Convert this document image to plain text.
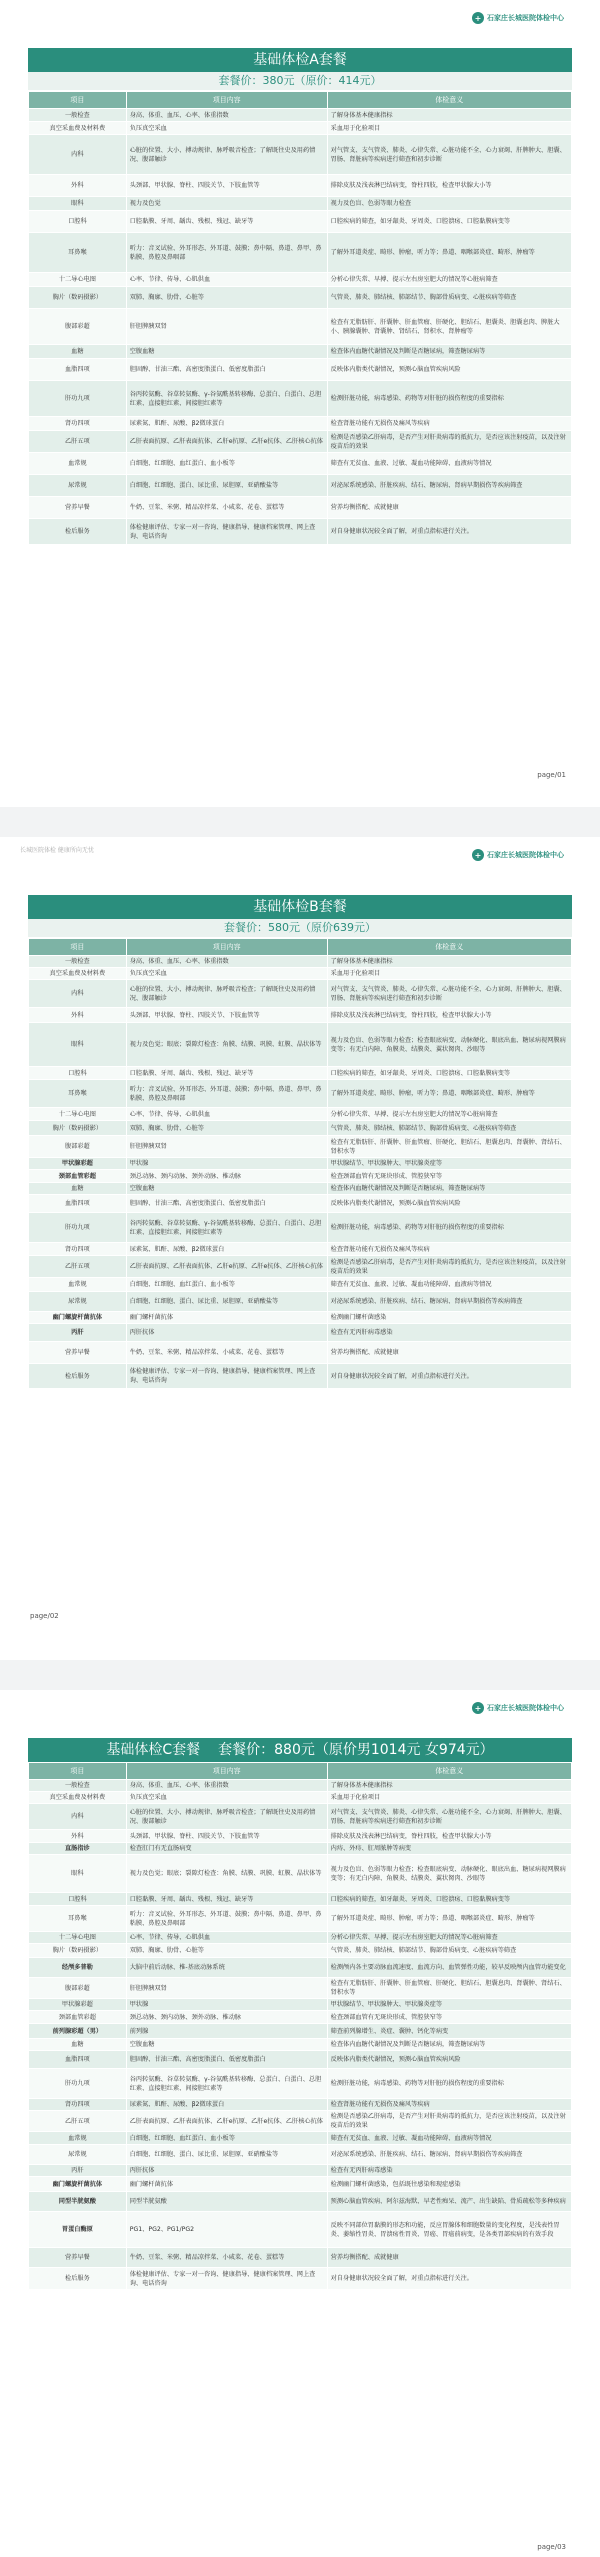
+ 石家庄长城医院体检中心
基础体检A套餐
套餐价：380元（原价：414元）
项目	项目内容	体检意义
一般检查	身高、体重、血压、心率、体重指数	了解身体基本健康指标
真空采血费及材料费	负压真空采血	采血用于化验项目
内科	心脏的位置、大小、搏动规律、脉呼吸音检查；了解既往史及用药情况、腹部触诊	对气管支、支气管炎、肺炎、心律失常、心脏功能不全、心力衰竭、肝脾肿大、胆囊、胃肠、肾脏病等疾病进行筛查和初步诊断
外科	头颈部、甲状腺、脊柱、四肢关节、下肢血管等	排除皮肤及浅表淋巴结病变，脊柱四肢，检查甲状腺大小等
眼科	视力及色觉	视力及色盲、色弱等眼力检查
口腔科	口腔黏膜、牙周、龋齿、残根、残冠、缺牙等	口腔疾病的筛查，如牙龈炎、牙周炎、口腔溃疡、口腔黏膜病变等
耳鼻喉	听力：音叉试验、外耳形态、外耳道、鼓膜；鼻中隔、鼻道、鼻甲、鼻粘膜、鼻腔及鼻咽部	了解外耳道炎症、畸形、肿瘤，听力等；鼻道、咽喉部炎症、畸形、肿瘤等
十二导心电图	心率、节律、传导、心肌供血	分析心律失常、早搏、提示左右房室肥大的情况等心脏病筛查
胸片（数码摄影）	双肺、胸廓、肋骨、心脏等	气管炎、肺炎、肺结核、肺部结节、胸部骨质病变、心脏疾病等筛查
腹部彩超	肝胆脾胰双肾	检查有无脂肪肝、肝囊肿、肝血管瘤、肝硬化、胆结石、胆囊炎、胆囊息肉、脾脏大小、胰腺囊肿、肾囊肿、肾结石、肾积水、肾肿瘤等
血糖	空腹血糖	检查体内血糖代谢情况及判断是否糖尿病，筛查糖尿病等
血脂四项	胆固醇、甘油三酯、高密度脂蛋白、低密度脂蛋白	反映体内脂类代谢情况，预测心脑血管疾病风险
肝功九项	谷丙转氨酶、谷草转氨酶、γ-谷氨酰基转移酶、总蛋白、白蛋白、总胆红素、直接胆红素、间接胆红素等	检测肝脏功能，病毒感染、药物等对肝脏的损伤程度的重要指标
肾功四项	尿素氮、肌酐、尿酸、β2微球蛋白	检查肾脏功能有无损伤及痛风等疾病
乙肝五项	乙肝表面抗原、乙肝表面抗体、乙肝e抗原、乙肝e抗体、乙肝核心抗体	检测是否感染乙肝病毒，是否产生对肝炎病毒的抵抗力，是否应该注射疫苗，以及注射疫苗后的效果
血常规	白细胞、红细胞、血红蛋白、血小板等	筛查有无贫血、血液、过敏、凝血功能障碍、血液病等情况
尿常规	白细胞、红细胞、蛋白、尿比重、尿胆原、亚硝酸盐等	对泌尿系统感染、肝脏疾病、结石、糖尿病、肾病早期损伤等疾病筛查
营养早餐	牛奶、豆浆、米粥、精品凉拌菜、小咸菜、花卷、蛋糕等	营养均衡搭配、成就健康
检后服务	体检健康评估、专家一对一咨询、健康指导、健康档案管理、网上查询、电话咨询	对自身健康状况较全面了解，对重点指标进行关注。
page/01
长城医院体检 健康所向无忧	+ 石家庄长城医院体检中心
基础体检B套餐
套餐价：580元（原价639元）
项目	项目内容	体检意义
一般检查	身高、体重、血压、心率、体重指数	了解身体基本健康指标
真空采血费及材料费	负压真空采血	采血用于化验项目
内科	心脏的位置、大小、搏动规律、脉呼吸音检查；了解既往史及用药情况、腹部触诊	对气管支、支气管炎、肺炎、心律失常、心脏功能不全、心力衰竭、肝脾肿大、胆囊、胃肠、肾脏病等疾病进行筛查和初步诊断
外科	头颈部、甲状腺、脊柱、四肢关节、下肢血管等	排除皮肤及浅表淋巴结病变，脊柱四肢，检查甲状腺大小等
眼科	视力及色觉；眼底；裂隙灯检查：角膜、结膜、巩膜、虹膜、晶状体等	视力及色盲、色弱等眼力检查；检查眼底病变、动脉硬化、眼底出血、糖尿病视网膜病变等；有无白内障、角膜炎、结膜炎、翼状胬肉、沙眼等
口腔科	口腔黏膜、牙周、龋齿、残根、残冠、缺牙等	口腔疾病的筛查，如牙龈炎、牙周炎、口腔溃疡、口腔黏膜病变等
耳鼻喉	听力：音叉试验、外耳形态、外耳道、鼓膜；鼻中隔、鼻道、鼻甲、鼻粘膜、鼻腔及鼻咽部	了解外耳道炎症、畸形、肿瘤，听力等；鼻道、咽喉部炎症、畸形、肿瘤等
十二导心电图	心率、节律、传导、心肌供血	分析心律失常、早搏、提示左右房室肥大的情况等心脏病筛查
胸片（数码摄影）	双肺、胸廓、肋骨、心脏等	气管炎、肺炎、肺结核、肺部结节、胸部骨质病变、心脏疾病等筛查
腹部彩超	肝胆脾胰双肾	检查有无脂肪肝、肝囊肿、肝血管瘤、肝硬化、胆结石、胆囊息肉、肾囊肿、肾结石、肾积水等
甲状腺彩超	甲状腺	甲状腺结节、甲状腺肿大、甲状腺炎症等
颈部血管彩超	颈总动脉、颈内动脉、颈外动脉、椎动脉	检查颈部血管有无斑块形成、管腔狭窄等
血糖	空腹血糖	检查体内血糖代谢情况及判断是否糖尿病，筛查糖尿病等
血脂四项	胆固醇、甘油三酯、高密度脂蛋白、低密度脂蛋白	反映体内脂类代谢情况，预测心脑血管疾病风险
肝功九项	谷丙转氨酶、谷草转氨酶、γ-谷氨酰基转移酶、总蛋白、白蛋白、总胆红素、直接胆红素、间接胆红素等	检测肝脏功能，病毒感染、药物等对肝脏的损伤程度的重要指标
肾功四项	尿素氮、肌酐、尿酸、β2微球蛋白	检查肾脏功能有无损伤及痛风等疾病
乙肝五项	乙肝表面抗原、乙肝表面抗体、乙肝e抗原、乙肝e抗体、乙肝核心抗体	检测是否感染乙肝病毒，是否产生对肝炎病毒的抵抗力，是否应该注射疫苗，以及注射疫苗后的效果
血常规	白细胞、红细胞、血红蛋白、血小板等	筛查有无贫血、血液、过敏、凝血功能障碍、血液病等情况
尿常规	白细胞、红细胞、蛋白、尿比重、尿胆原、亚硝酸盐等	对泌尿系统感染、肝脏疾病、结石、糖尿病、肾病早期损伤等疾病筛查
幽门螺旋杆菌抗体	幽门螺杆菌抗体	检测幽门螺杆菌感染
丙肝	丙肝抗体	检查有无丙肝病毒感染
营养早餐	牛奶、豆浆、米粥、精品凉拌菜、小咸菜、花卷、蛋糕等	营养均衡搭配、成就健康
检后服务	体检健康评估、专家一对一咨询、健康指导、健康档案管理、网上查询、电话咨询	对自身健康状况较全面了解，对重点指标进行关注。
page/02
+ 石家庄长城医院体检中心
基础体检C套餐 套餐价：880元（原价男1014元 女974元）
项目	项目内容	体检意义
一般检查	身高、体重、血压、心率、体重指数	了解身体基本健康指标
真空采血费及材料费	负压真空采血	采血用于化验项目
内科	心脏的位置、大小、搏动规律、脉呼吸音检查；了解既往史及用药情况、腹部触诊	对气管支、支气管炎、肺炎、心律失常、心脏功能不全、心力衰竭、肝脾肿大、胆囊、胃肠、肾脏病等疾病进行筛查和初步诊断
外科	头颈部、甲状腺、脊柱、四肢关节、下肢血管等	排除皮肤及浅表淋巴结病变，脊柱四肢，检查甲状腺大小等
直肠指诊	检查肛门有无直肠病变	内痔、外痔、肛周脓肿等病变
眼科	视力及色觉；眼底；裂隙灯检查：角膜、结膜、巩膜、虹膜、晶状体等	视力及色盲、色弱等眼力检查；检查眼底病变、动脉硬化、眼底出血、糖尿病视网膜病变等；有无白内障、角膜炎、结膜炎、翼状胬肉、沙眼等
口腔科	口腔黏膜、牙周、龋齿、残根、残冠、缺牙等	口腔疾病的筛查，如牙龈炎、牙周炎、口腔溃疡、口腔黏膜病变等
耳鼻喉	听力：音叉试验、外耳形态、外耳道、鼓膜；鼻中隔、鼻道、鼻甲、鼻粘膜、鼻腔及鼻咽部	了解外耳道炎症、畸形、肿瘤，听力等；鼻道、咽喉部炎症、畸形、肿瘤等
十二导心电图	心率、节律、传导、心肌供血	分析心律失常、早搏、提示左右房室肥大的情况等心脏病筛查
胸片（数码摄影）	双肺、胸廓、肋骨、心脏等	气管炎、肺炎、肺结核、肺部结节、胸部骨质病变、心脏疾病等筛查
经颅多普勒	大脑中前后动脉、椎-基底动脉系统	检测颅内各主要动脉血流速度、血流方向、血管弹性功能，较早反映颅内血管功能变化
腹部彩超	肝胆脾胰双肾	检查有无脂肪肝、肝囊肿、肝血管瘤、肝硬化、胆结石、胆囊息肉、肾囊肿、肾结石、肾积水等
甲状腺彩超	甲状腺	甲状腺结节、甲状腺肿大、甲状腺炎症等
颈部血管彩超	颈总动脉、颈内动脉、颈外动脉、椎动脉	检查颈部血管有无斑块形成、管腔狭窄等
前列腺彩超（男）	前列腺	筛查前列腺增生、炎症、囊肿、钙化等病变
血糖	空腹血糖	检查体内血糖代谢情况及判断是否糖尿病，筛查糖尿病等
血脂四项	胆固醇、甘油三酯、高密度脂蛋白、低密度脂蛋白	反映体内脂类代谢情况，预测心脑血管疾病风险
肝功九项	谷丙转氨酶、谷草转氨酶、γ-谷氨酰基转移酶、总蛋白、白蛋白、总胆红素、直接胆红素、间接胆红素等	检测肝脏功能，病毒感染、药物等对肝脏的损伤程度的重要指标
肾功四项	尿素氮、肌酐、尿酸、β2微球蛋白	检查肾脏功能有无损伤及痛风等疾病
乙肝五项	乙肝表面抗原、乙肝表面抗体、乙肝e抗原、乙肝e抗体、乙肝核心抗体	检测是否感染乙肝病毒，是否产生对肝炎病毒的抵抗力，是否应该注射疫苗，以及注射疫苗后的效果
血常规	白细胞、红细胞、血红蛋白、血小板等	筛查有无贫血、血液、过敏、凝血功能障碍、血液病等情况
尿常规	白细胞、红细胞、蛋白、尿比重、尿胆原、亚硝酸盐等	对泌尿系统感染、肝脏疾病、结石、糖尿病、肾病早期损伤等疾病筛查
丙肝	丙肝抗体	检查有无丙肝病毒感染
幽门螺旋杆菌抗体	幽门螺杆菌抗体	检测幽门螺杆菌感染，包括既往感染和现症感染
同型半胱氨酸	同型半胱氨酸	预测心脑血管疾病、阿尔兹海默、早老性痴呆、流产、出生缺陷、骨质疏松等多种疾病
胃蛋白酶原	PG1、PG2、PG1/PG2	反映不同部位胃黏膜的形态和功能，反应胃腺体和细胞数量的变化程度，是浅表性胃炎、萎缩性胃炎、胃溃疡性胃炎、胃癌、胃癌前病变，是各类胃部疾病的有效手段
营养早餐	牛奶、豆浆、米粥、精品凉拌菜、小咸菜、花卷、蛋糕等	营养均衡搭配、成就健康
检后服务	体检健康评估、专家一对一咨询、健康指导、健康档案管理、网上查询、电话咨询	对自身健康状况较全面了解，对重点指标进行关注。
page/03
